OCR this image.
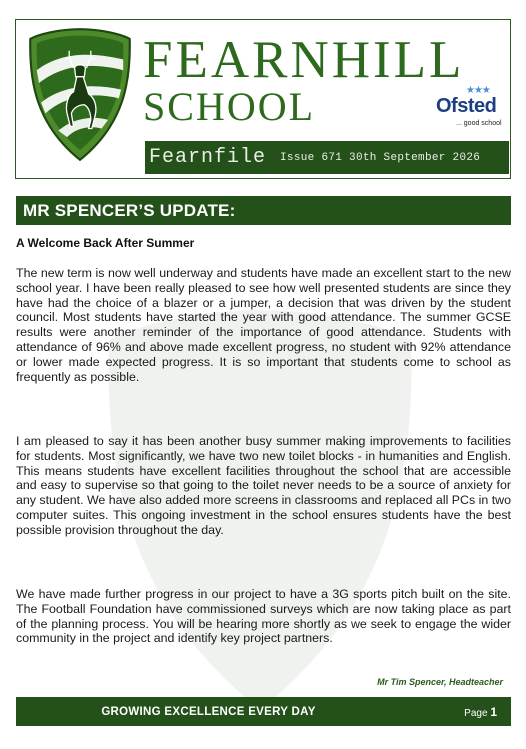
FEARNHILL
SCHOOL	★★★
Ofsted
... good school
Fearnfile Issue 671 30th September 2026
MR SPENCER’S UPDATE:
A Welcome Back After Summer

The new term is now well underway and students have made an excellent start to the new school year. I have been really pleased to see how well presented students are since they have had the choice of a blazer or a jumper, a decision that was driven by the student council. Most students have started the year with good attendance. The summer GCSE results were another reminder of the importance of good attendance. Students with attendance of 96% and above made excellent progress, no student with 92% attendance or lower made expected progress. It is so important that students come to school as frequently as possible.

I am pleased to say it has been another busy summer making improvements to facilities for students. Most significantly, we have two new toilet blocks - in humanities and English. This means students have excellent facilities throughout the school that are accessible and easy to supervise so that going to the toilet never needs to be a source of anxiety for any student. We have also added more screens in classrooms and replaced all PCs in two computer suites. This ongoing investment in the school ensures students have the best possible provision throughout the day.

We have made further progress in our project to have a 3G sports pitch built on the site. The Football Foundation have commissioned surveys which are now taking place as part of the planning process. You will be hearing more shortly as we seek to engage the wider community in the project and identify key project partners.

Mr Tim Spencer, Headteacher
GROWING EXCELLENCE EVERY DAY	Page 1
